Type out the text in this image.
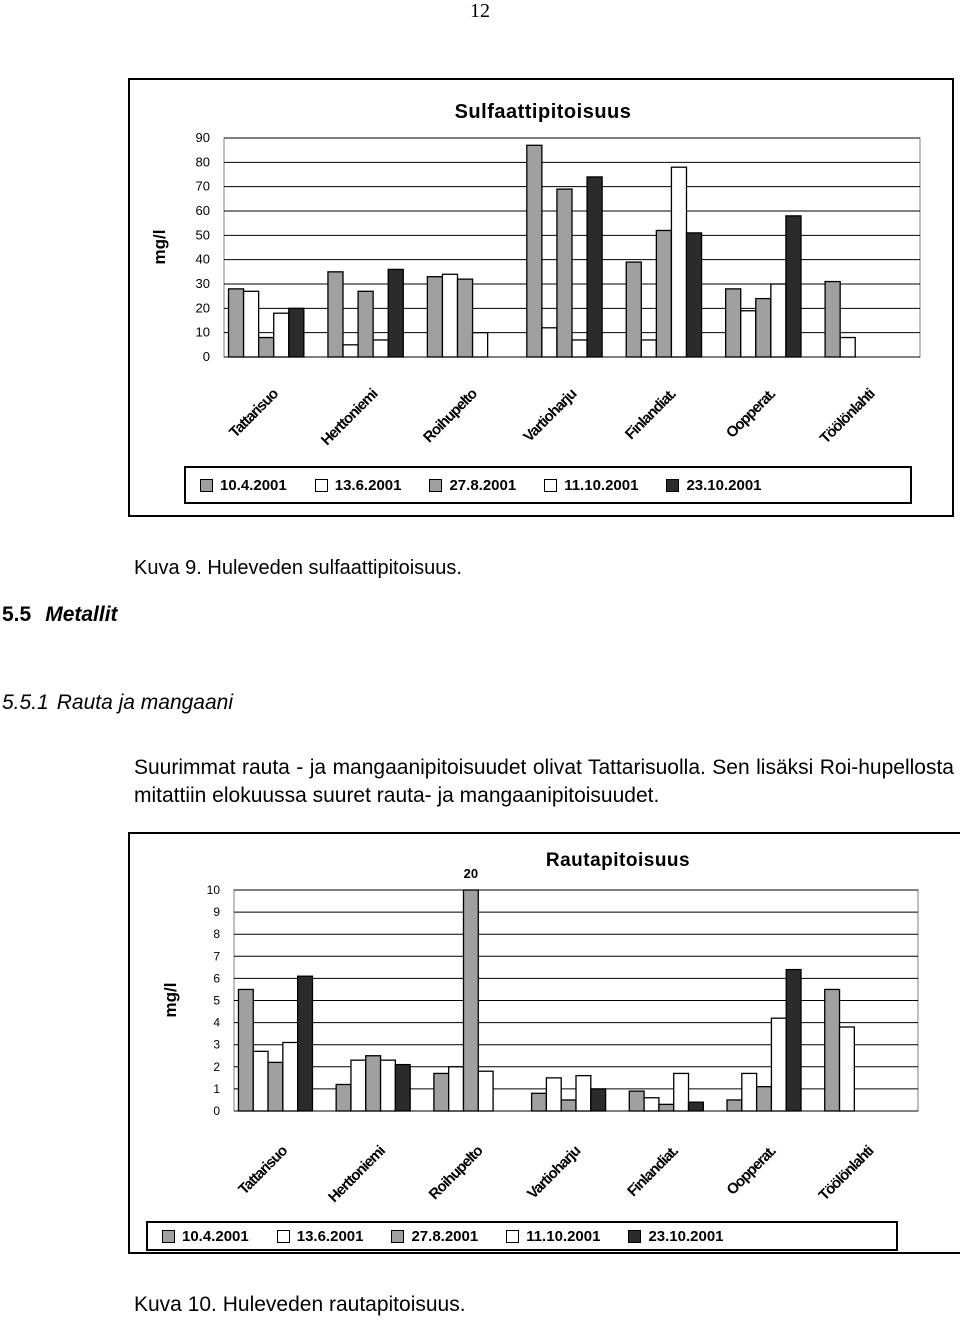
12
0
10
20
30
40
50
60
70
80
90
mg/l
Sulfaattipitoisuus
Tattarisuo Herttoniemi	Roihupelto	Vartioharju	Finlandiat.	Oopperat.	Töölönlahti
10.4.2001	13.6.2001	27.8.2001	11.10.2001	23.10.2001
Kuva 9. Huleveden sulfaattipitoisuus.
5.5 Metallit
5.5.1 Rauta ja mangaani
Suurimmat rauta - ja mangaanipitoisuudet olivat Tattarisuolla. Sen lisäksi Roi-hupellosta mitattiin elokuussa suuret rauta- ja mangaanipitoisuudet.
0
1
2
3
4
5
6
7
8
9
10
mg/l
Rautapitoisuus
Tattarisuo Herttoniemi Roihupelto	Vartioharju	Finlandiat.	Oopperat. Töölönlahti
20
10.4.2001	13.6.2001	27.8.2001	11.10.2001	23.10.2001
Kuva 10. Huleveden rautapitoisuus.
